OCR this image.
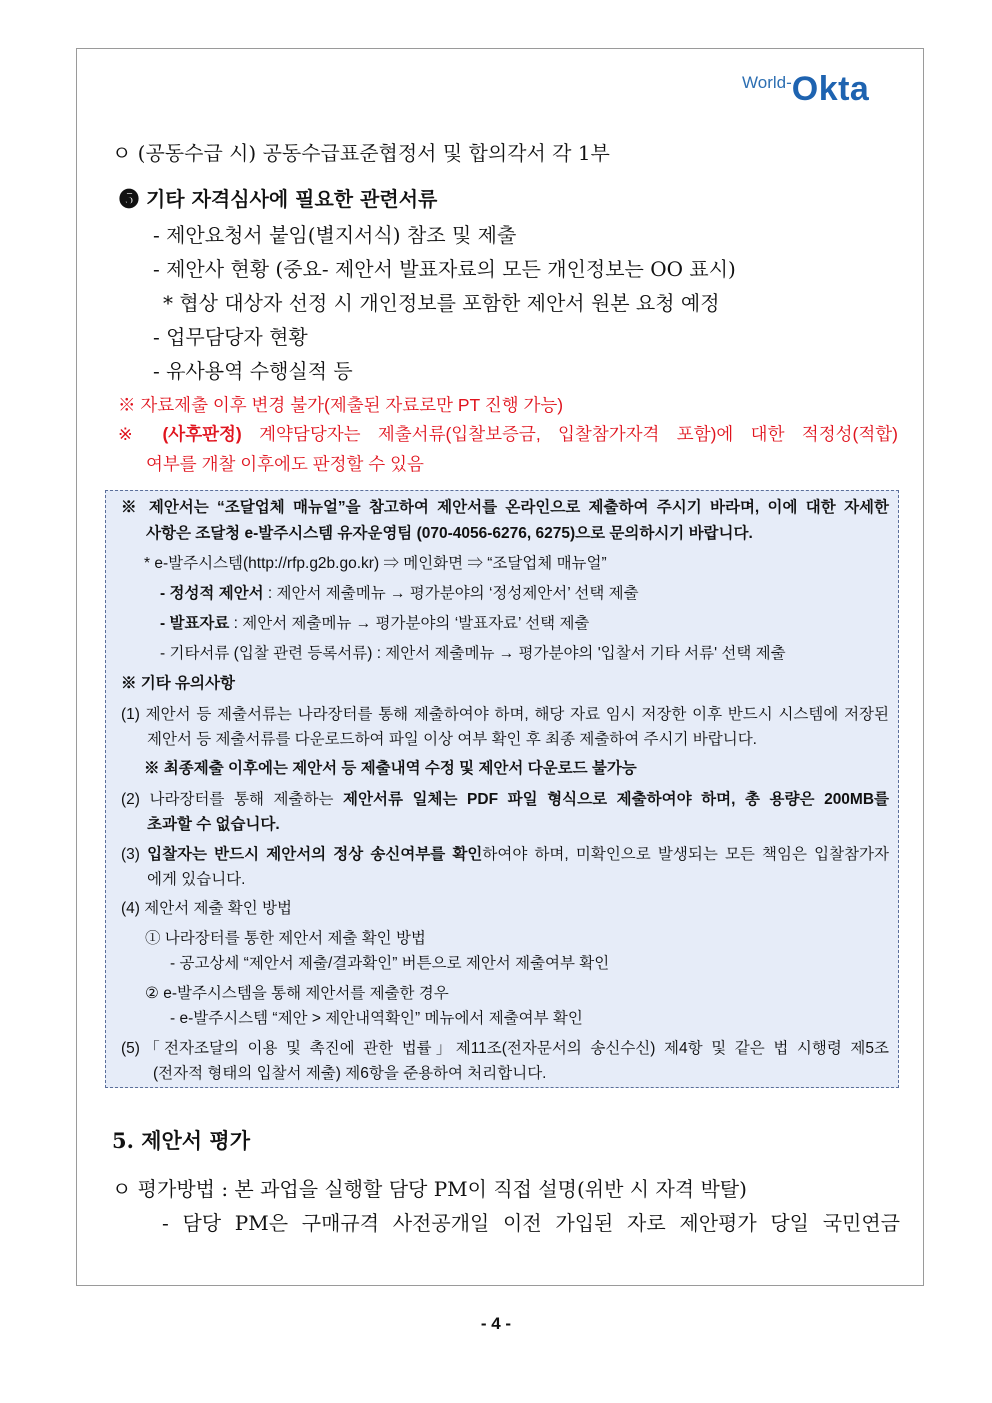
World-Okta
ㅇ (공동수급 시) 공동수급표준협정서 및 합의각서 각 1부
❺ 기타 자격심사에 필요한 관련서류
- 제안요청서 붙임(별지서식) 참조 및 제출
- 제안사 현황 (중요- 제안서 발표자료의 모든 개인정보는 OO 표시)
* 협상 대상자 선정 시 개인정보를 포함한 제안서 원본 요청 예정
- 업무담당자 현황
- 유사용역 수행실적 등
※ 자료제출 이후 변경 불가(제출된 자료로만 PT 진행 가능)
※ (사후판정) 계약담당자는 제출서류(입찰보증금, 입찰참가자격 포함)에 대한 적정성(적합)
여부를 개찰 이후에도 판정할 수 있음
※ 제안서는 “조달업체 매뉴얼”을 참고하여 제안서를 온라인으로 제출하여 주시기 바라며, 이에 대한 자세한
사항은 조달청 e-발주시스템 유자운영팀 (070-4056-6276, 6275)으로 문의하시기 바랍니다.
* e-발주시스템(http://rfp.g2b.go.kr) ⇒ 메인화면 ⇒ “조달업체 매뉴얼”
- 정성적 제안서 : 제안서 제출메뉴 → 평가분야의 ‘정성제안서’ 선택 제출
- 발표자료 : 제안서 제출메뉴 → 평가분야의 ‘발표자료’ 선택 제출
- 기타서류 (입찰 관련 등록서류) : 제안서 제출메뉴 → 평가분야의 '입찰서 기타 서류' 선택 제출
※ 기타 유의사항
(1) 제안서 등 제출서류는 나라장터를 통해 제출하여야 하며, 해당 자료 임시 저장한 이후 반드시 시스템에 저장된
제안서 등 제출서류를 다운로드하여 파일 이상 여부 확인 후 최종 제출하여 주시기 바랍니다.
※ 최종제출 이후에는 제안서 등 제출내역 수정 및 제안서 다운로드 불가능
(2) 나라장터를 통해 제출하는 제안서류 일체는 PDF 파일 형식으로 제출하여야 하며, 총 용량은 200MB를
초과할 수 없습니다.
(3) 입찰자는 반드시 제안서의 정상 송신여부를 확인하여야 하며, 미확인으로 발생되는 모든 책임은 입찰참가자
에게 있습니다.
(4) 제안서 제출 확인 방법
① 나라장터를 통한 제안서 제출 확인 방법
- 공고상세 “제안서 제출/결과확인” 버튼으로 제안서 제출여부 확인
② e-발주시스템을 통해 제안서를 제출한 경우
- e-발주시스템 “제안 > 제안내역확인” 메뉴에서 제출여부 확인
(5)「전자조달의 이용 및 촉진에 관한 법률」제11조(전자문서의 송신수신) 제4항 및 같은 법 시행령 제5조
(전자적 형태의 입찰서 제출) 제6항을 준용하여 처리합니다.
5. 제안서 평가
ㅇ 평가방법 : 본 과업을 실행할 담당 PM이 직접 설명(위반 시 자격 박탈)
- 담당 PM은 구매규격 사전공개일 이전 가입된 자로 제안평가 당일 국민연금
- 4 -
